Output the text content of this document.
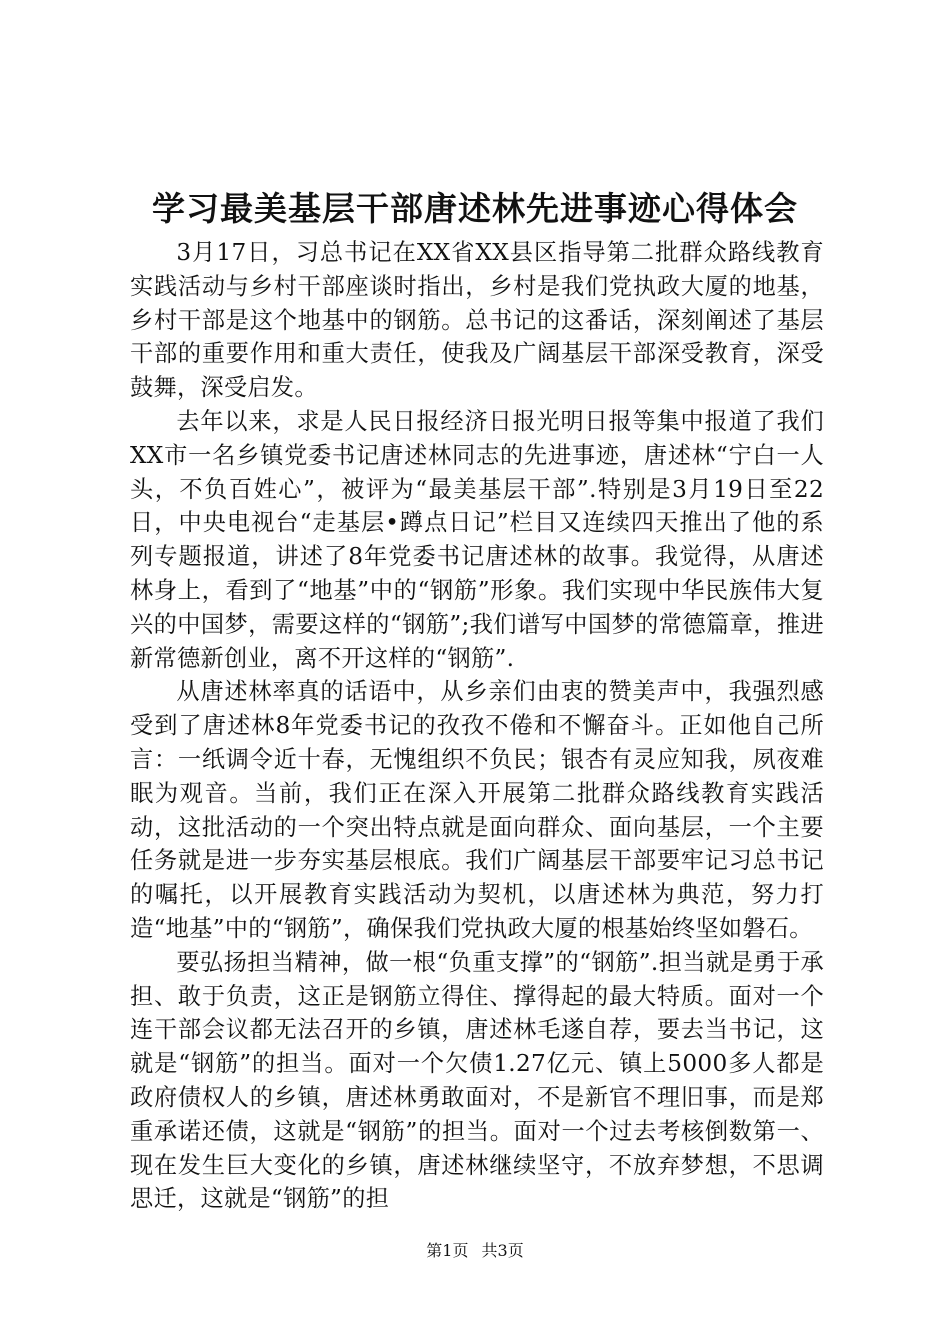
学习最美基层干部唐述林先进事迹心得体会

3月17日，习总书记在XX省XX县区指导第二批群众路线教育实践活动与乡村干部座谈时指出，乡村是我们党执政大厦的地基，乡村干部是这个地基中的钢筋。总书记的这番话，深刻阐述了基层干部的重要作用和重大责任，使我及广阔基层干部深受教育，深受鼓舞，深受启发。

去年以来，求是人民日报经济日报光明日报等集中报道了我们XX市一名乡镇党委书记唐述林同志的先进事迹，唐述林“宁白一人头，不负百姓心”，被评为“最美基层干部”.特别是3月19日至22日，中央电视台“走基层•蹲点日记”栏目又连续四天推出了他的系列专题报道，讲述了8年党委书记唐述林的故事。我觉得，从唐述林身上，看到了“地基”中的“钢筋”形象。我们实现中华民族伟大复兴的中国梦，需要这样的“钢筋”;我们谱写中国梦的常德篇章，推进新常德新创业，离不开这样的“钢筋”.

从唐述林率真的话语中，从乡亲们由衷的赞美声中，我强烈感受到了唐述林8年党委书记的孜孜不倦和不懈奋斗。正如他自己所言：一纸调令近十春，无愧组织不负民；银杏有灵应知我，夙夜难眠为观音。当前，我们正在深入开展第二批群众路线教育实践活动，这批活动的一个突出特点就是面向群众、面向基层，一个主要任务就是进一步夯实基层根底。我们广阔基层干部要牢记习总书记的嘱托，以开展教育实践活动为契机，以唐述林为典范，努力打造“地基”中的“钢筋”，确保我们党执政大厦的根基始终坚如磐石。

要弘扬担当精神，做一根“负重支撑”的“钢筋”.担当就是勇于承担、敢于负责，这正是钢筋立得住、撑得起的最大特质。面对一个连干部会议都无法召开的乡镇，唐述林毛遂自荐，要去当书记，这就是“钢筋”的担当。面对一个欠债1.27亿元、镇上5000多人都是政府债权人的乡镇，唐述林勇敢面对，不是新官不理旧事，而是郑重承诺还债，这就是“钢筋”的担当。面对一个过去考核倒数第一、现在发生巨大变化的乡镇，唐述林继续坚守，不放弃梦想，不思调思迁，这就是“钢筋”的担

第1页 共3页
